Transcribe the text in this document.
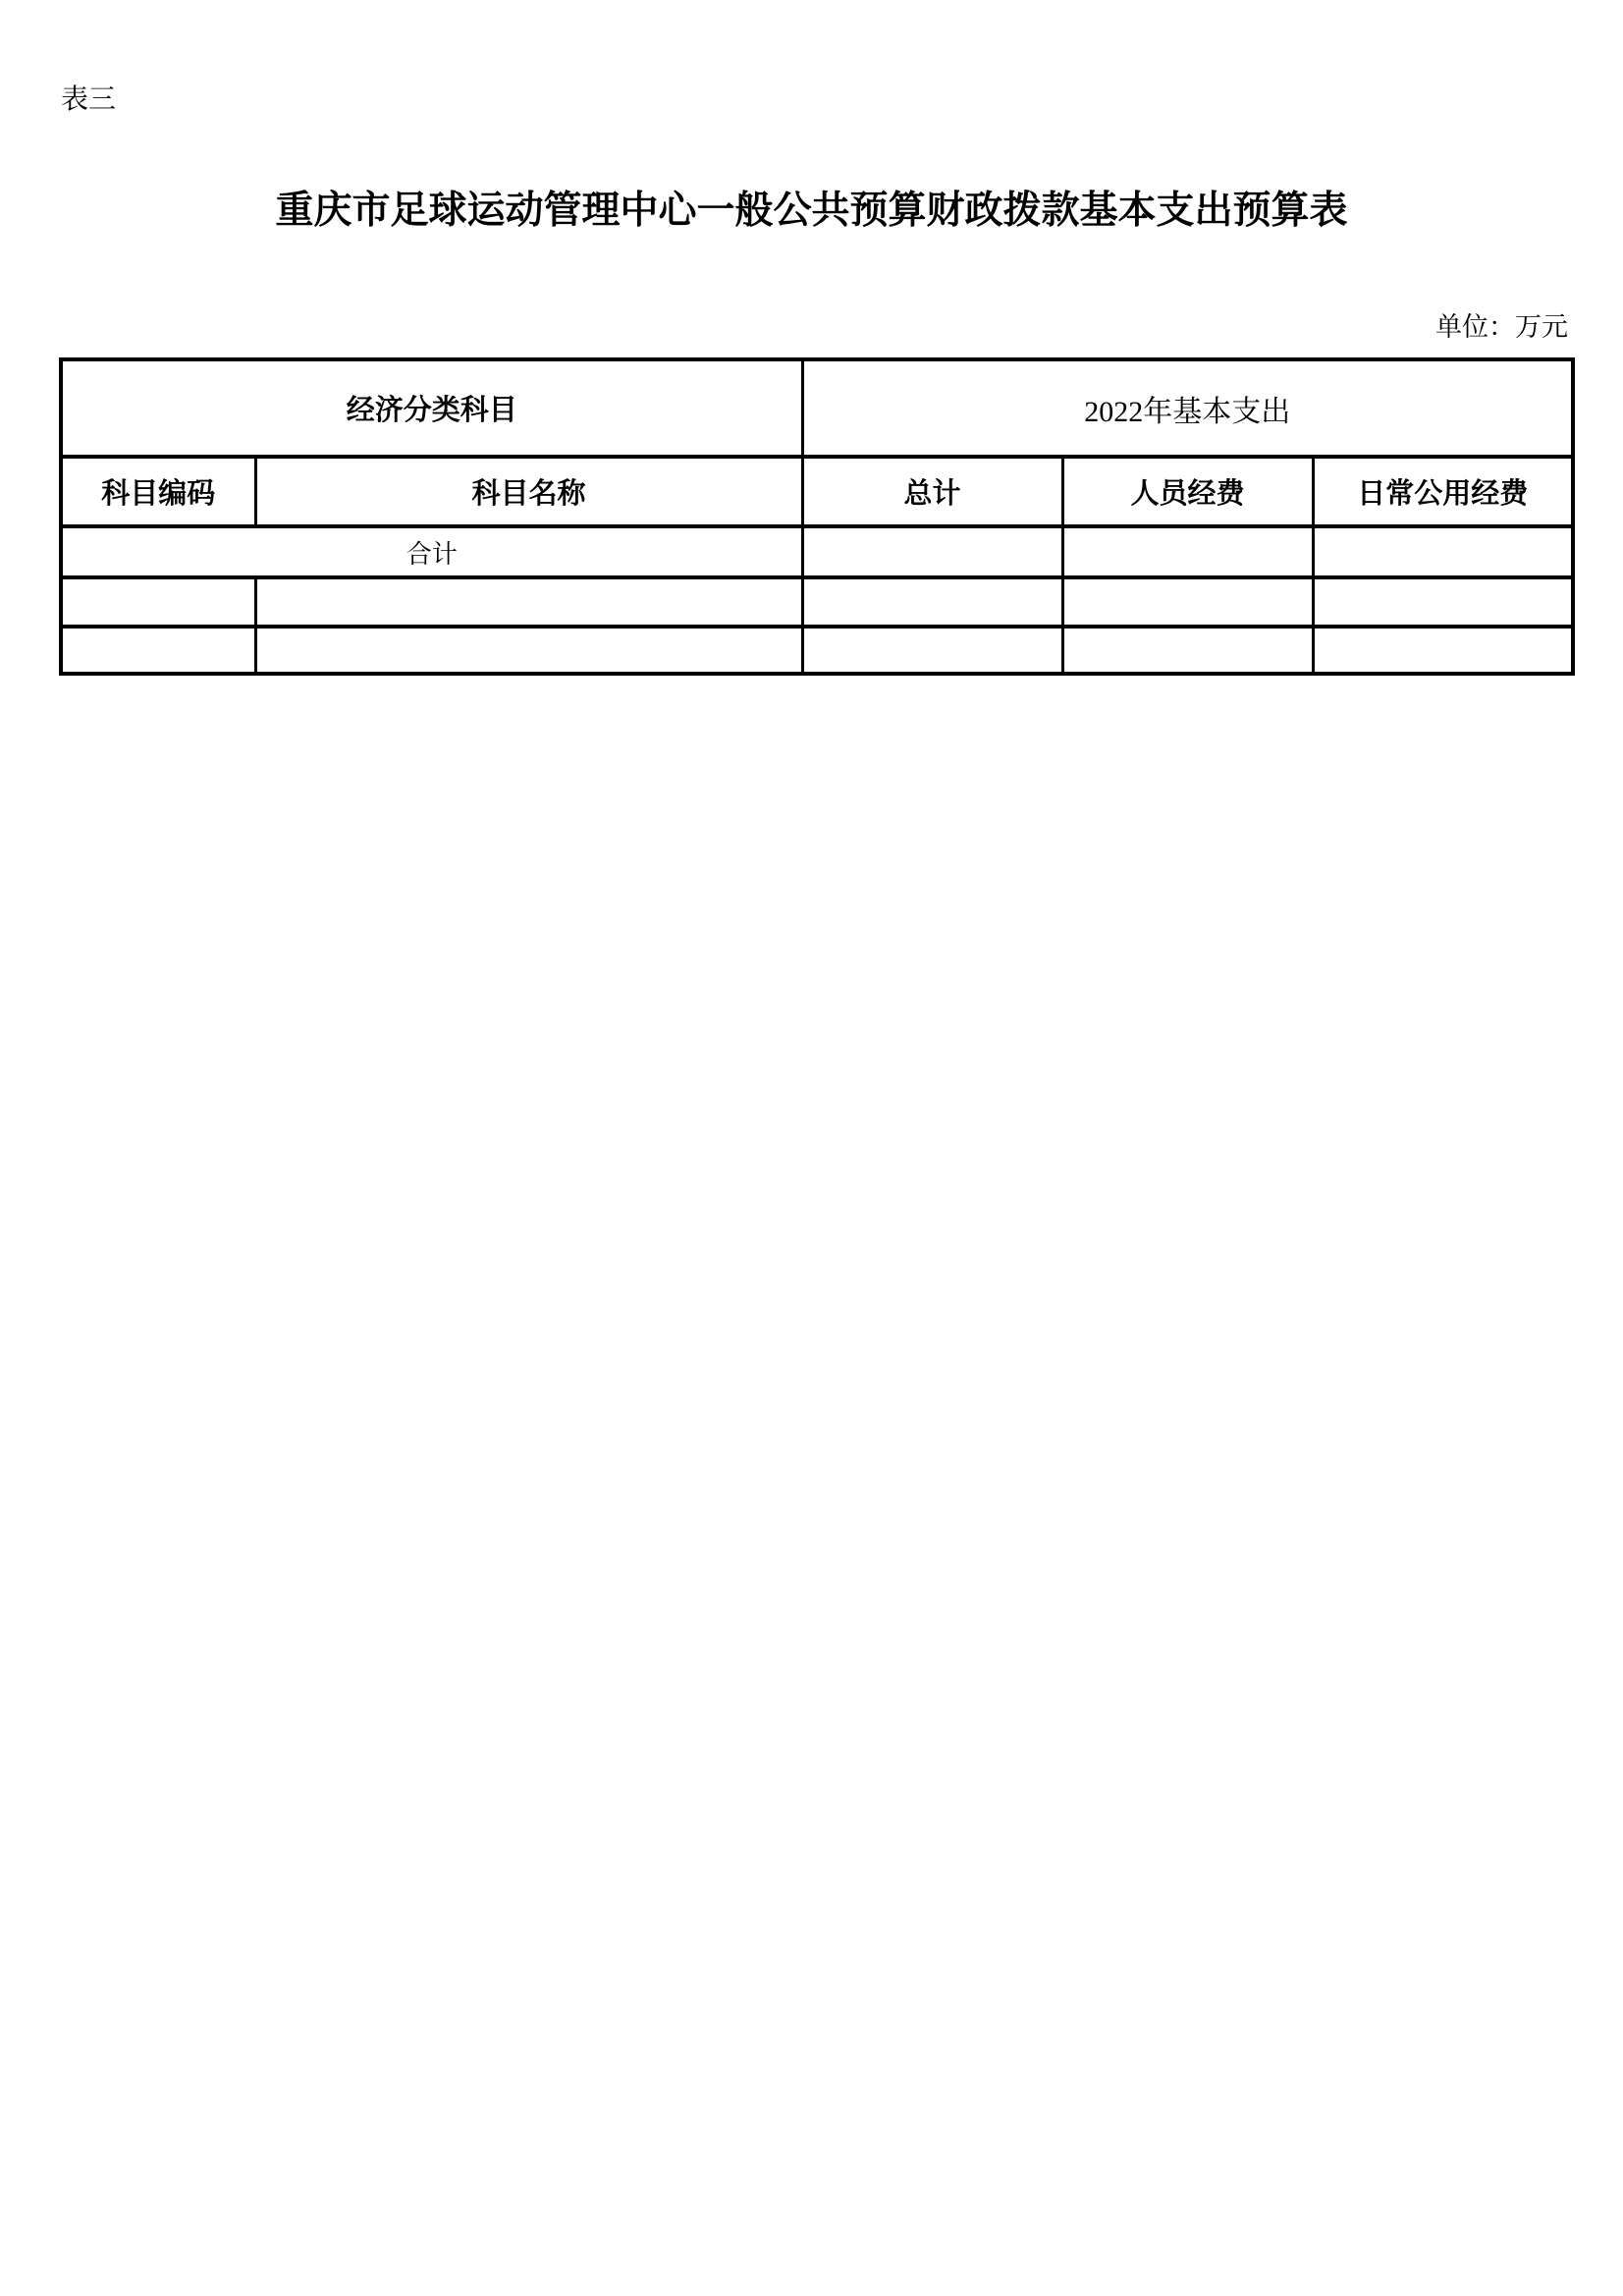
表三
重庆市足球运动管理中心一般公共预算财政拨款基本支出预算表
单位：万元
经济分类科目		2022年基本支出		
科目编码	科目名称	总计	人员经费	日常公用经费
合计				
